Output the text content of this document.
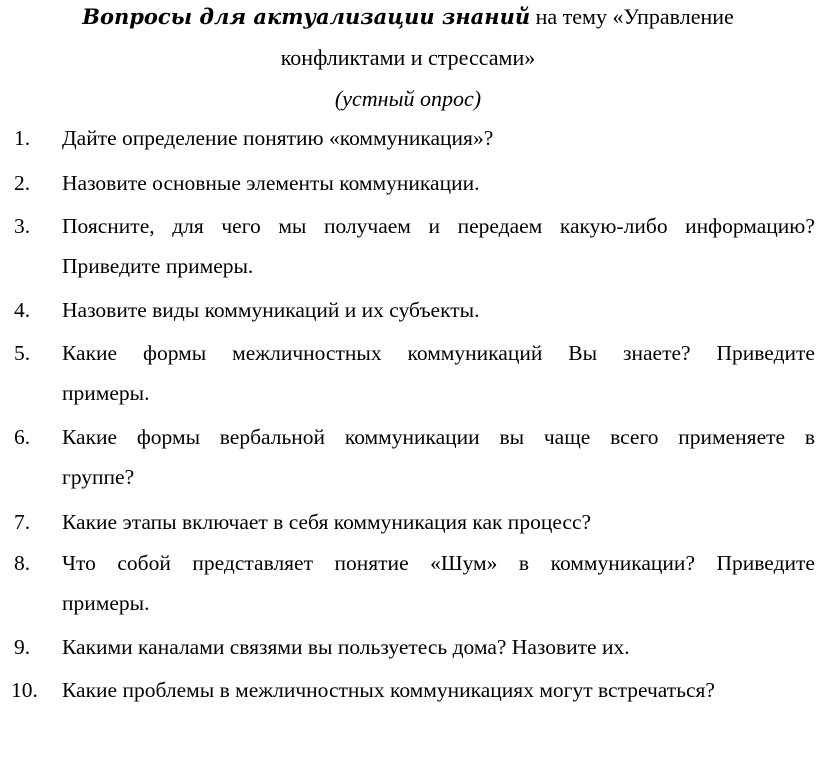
Вопросы для актуализации знаний на тему «Управление
конфликтами и стрессами»
(устный опрос)
1. Дайте определение понятию «коммуникация»?
2. Назовите основные элементы коммуникации.
3. Поясните, для чего мы получаем и передаем какую-либо информацию?
Приведите примеры.
4. Назовите виды коммуникаций и их субъекты.
5. Какие формы межличностных коммуникаций Вы знаете? Приведите
примеры.
6. Какие формы вербальной коммуникации вы чаще всего применяете в
группе?
7. Какие этапы включает в себя коммуникация как процесс?
8. Что собой представляет понятие «Шум» в коммуникации? Приведите
примеры.
9. Какими каналами связями вы пользуетесь дома? Назовите их.
10. Какие проблемы в межличностных коммуникациях могут встречаться?
